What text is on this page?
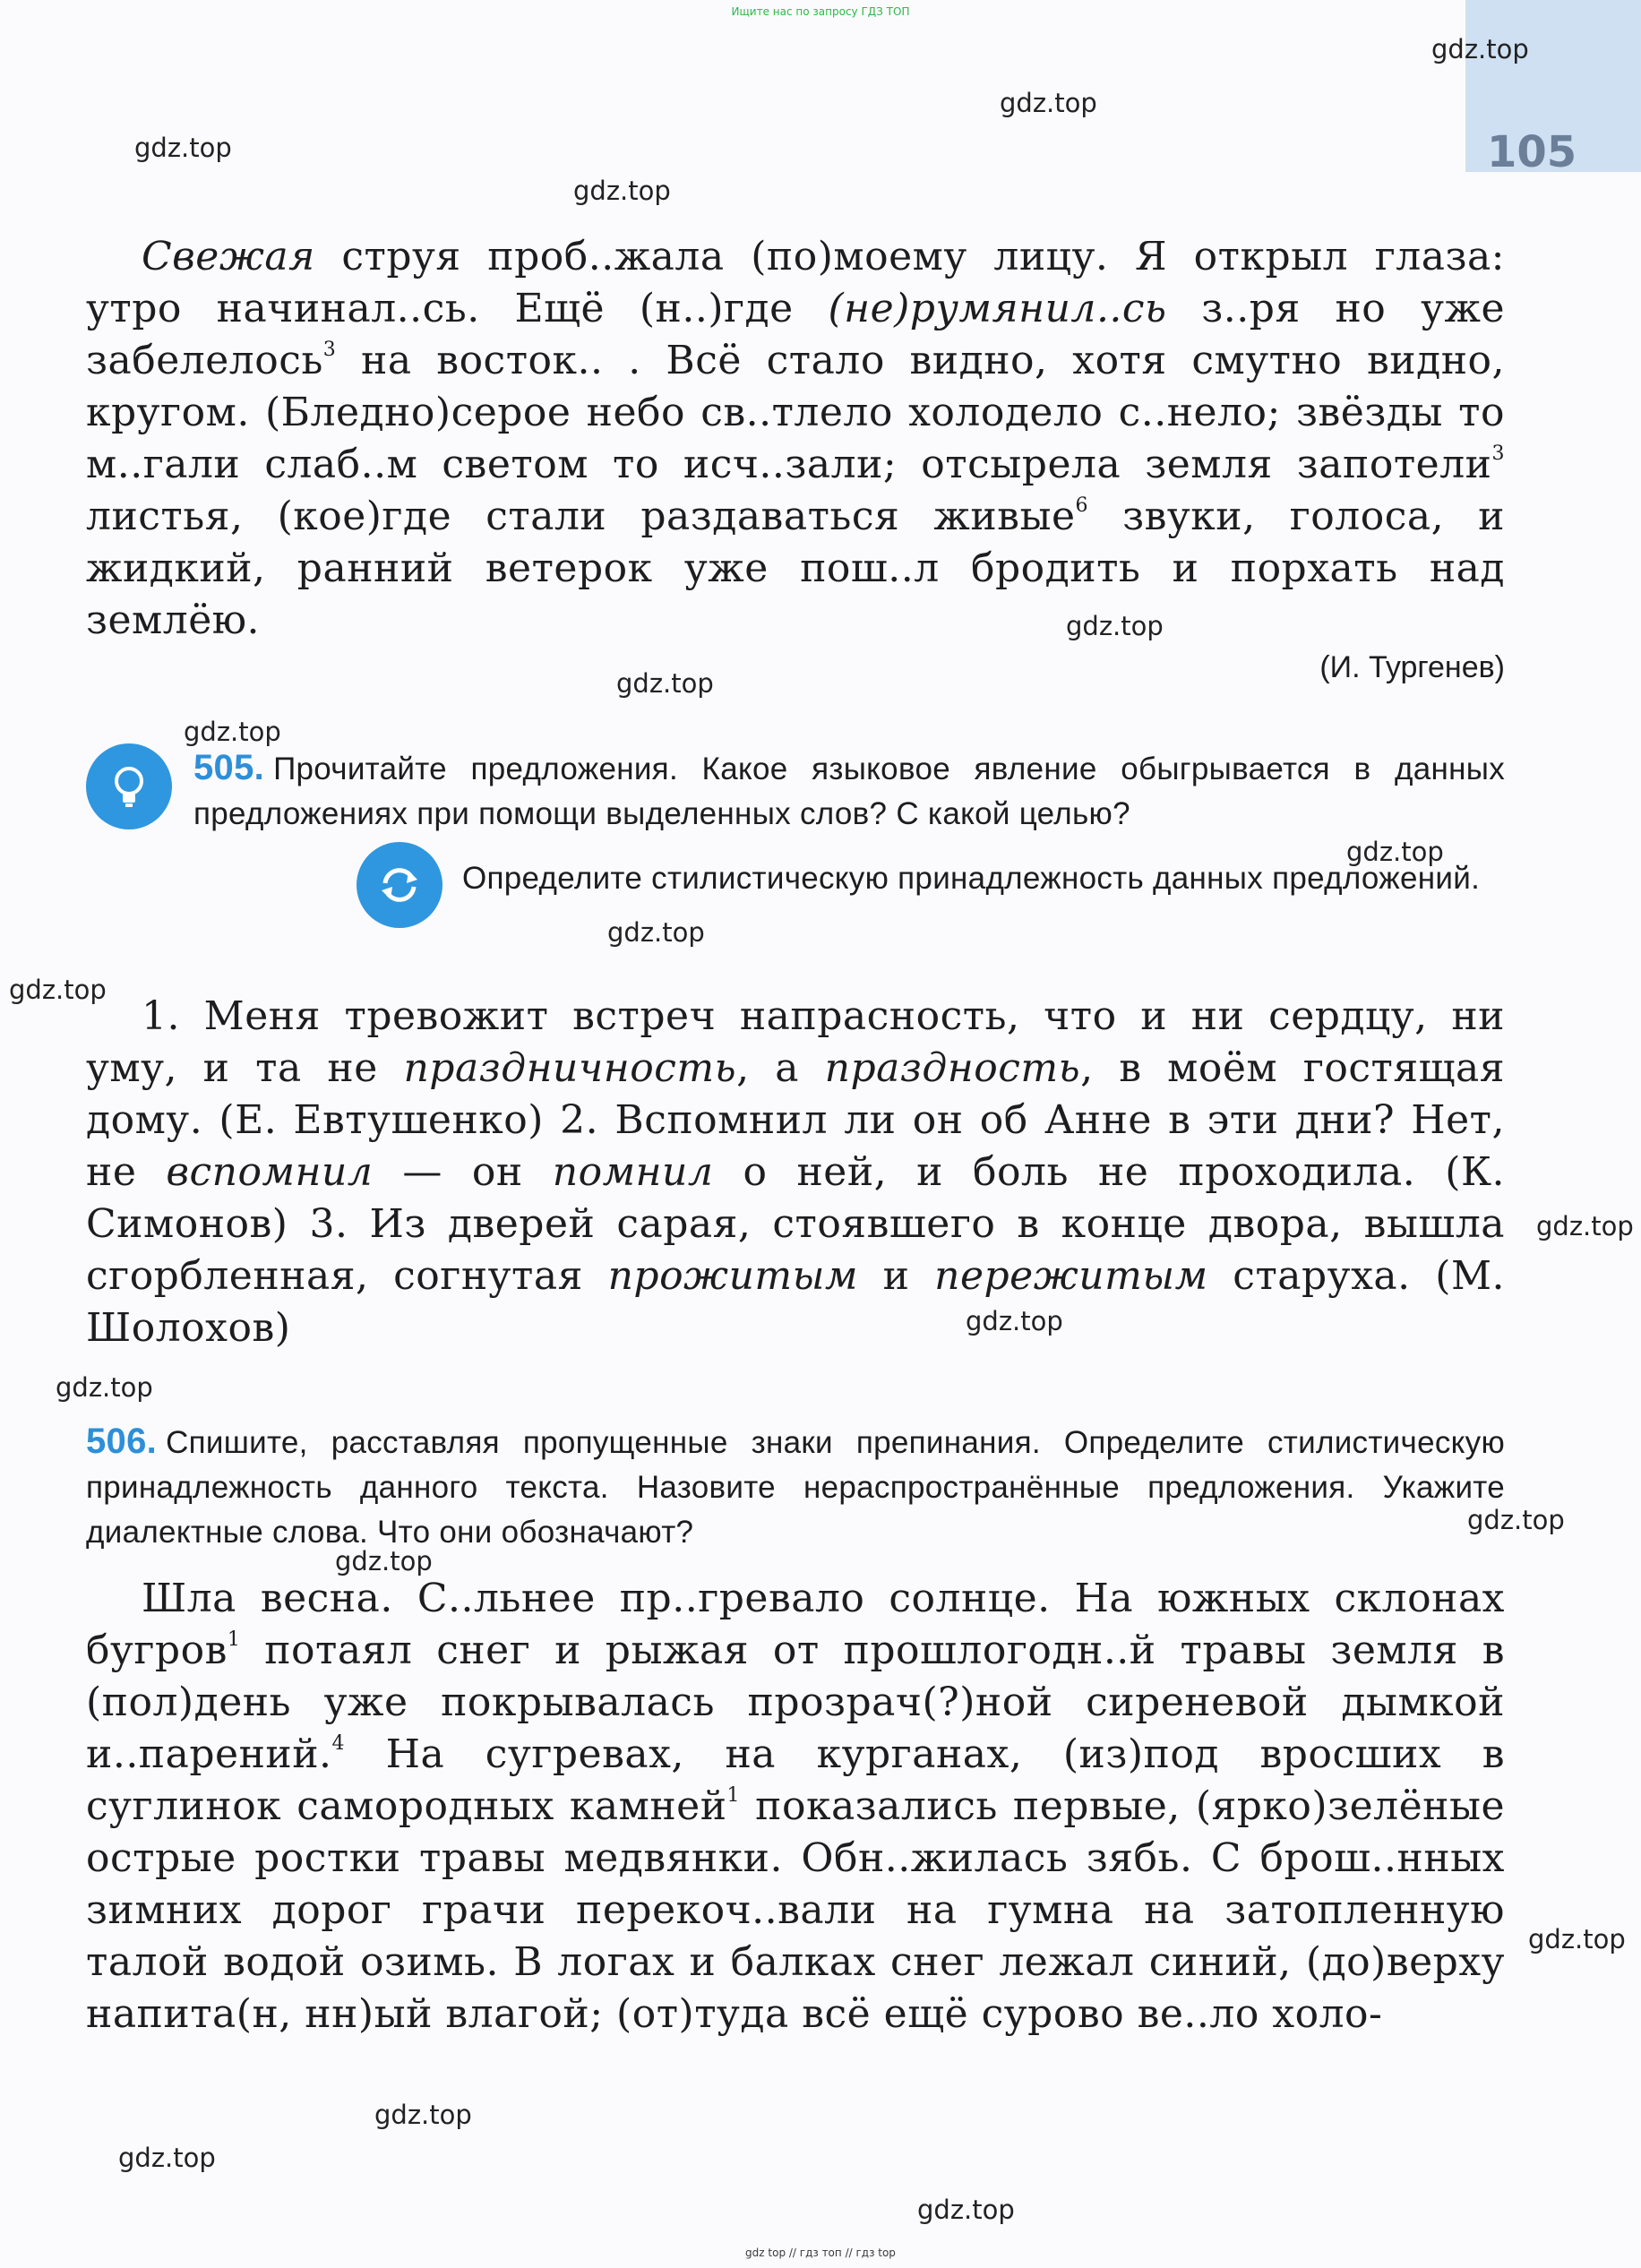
Ищите нас по запросу ГДЗ ТОП
105
gdz.top
gdz.top
gdz.top
gdz.top
gdz.top
gdz.top
gdz.top
gdz.top
gdz.top
gdz.top
gdz.top
gdz.top
gdz.top
gdz.top
gdz.top
gdz.top
gdz.top

Свежая струя проб..жала (по)моему лицу. Я открыл глаза: утро начинал..сь. Ещё (н..)где (не)румянил..сь з..ря но уже забелелось$^3$ на восток.. . Всё стало видно, хотя смутно видно, кругом. (Бледно)серое небо св..тлело холодело с..нело; звёзды то м..гали слаб..м светом то исч..зали; отсырела земля запотели$^3$ листья, (кое)где стали раздаваться живые$^6$ звуки, голоса, и жидкий, ранний ветерок уже пош..л бродить и порхать над землёю.

(И. Тургенев)

505. Прочитайте предложения. Какое языковое явление обыгрывается в данных предложениях при помощи выделенных слов? С какой целью?

Определите стилистическую принадлежность данных предложений.

1. Меня тревожит встреч напрасность, что и ни сердцу, ни уму, и та не праздничность, а праздность, в моём гостящая дому. (Е. Евтушенко) 2. Вспомнил ли он об Анне в эти дни? Нет, не вспомнил — он помнил о ней, и боль не проходила. (К. Симонов) 3. Из дверей сарая, стоявшего в конце двора, вышла сгорбленная, согнутая прожитым и пережитым старуха. (М. Шолохов)

506. Спишите, расставляя пропущенные знаки препинания. Определите стилистическую принадлежность данного текста. Назовите нераспространённые предложения. Укажите диалектные слова. Что они обозначают?

Шла весна. С..льнее пр..гревало солнце. На южных склонах бугров$^1$ потаял снег и рыжая от прошлогодн..й травы земля в (пол)день уже покрывалась прозрач(?)ной сиреневой дымкой и..парений.$^4$ На сугревах, на курганах, (из)под вросших в суглинок самородных камней$^1$ показались первые, (ярко)зелёные острые ростки травы медвянки. Обн..жилась зябь. С брош..нных зимних дорог грачи перекоч..вали на гумна на затопленную талой водой озимь. В логах и балках снег лежал синий, (до)верху напита(н, нн)ый влагой; (от)туда всё ещё сурово ве..ло холо-

gdz.top
gdz.top
gdz top // гдз топ // гдз top
